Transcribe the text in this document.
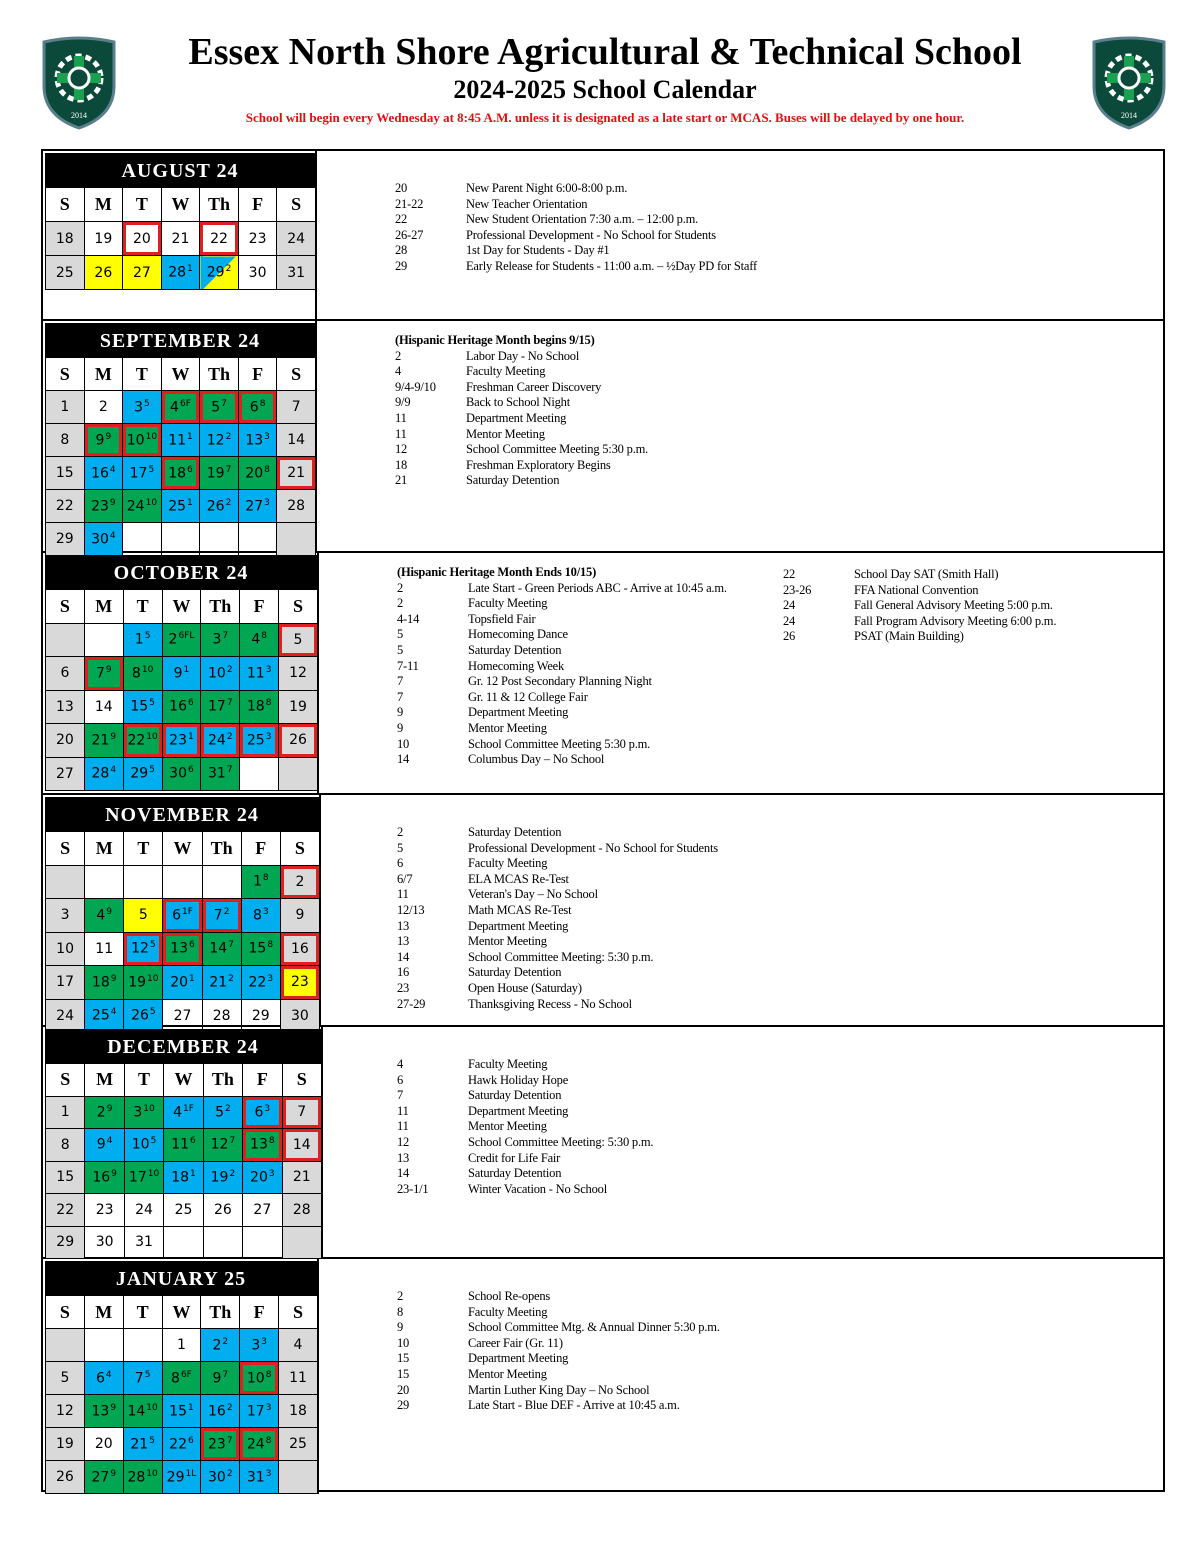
2014
Essex North Shore Agricultural & Technical School
2024-2025 School Calendar
School will begin every Wednesday at 8:45 A.M. unless it is designated as a late start or MCAS. Buses will be delayed by one hour.	2014
AUGUST 24
S	M	T	W	Th	F	S
18	19	20	21	22	23	24
25	26	27	$28^1$	$29^2$	30	31
20	New Parent Night 6:00-8:00 p.m.
21-22	New Teacher Orientation
22	New Student Orientation 7:30 a.m. – 12:00 p.m.
26-27	Professional Development - No School for Students
28	1st Day for Students - Day #1
29	Early Release for Students - 11:00 a.m. – ½Day PD for Staff
SEPTEMBER 24
S	M	T	W	Th	F	S
1	2	$3^5$	$4^{6F}$	$5^7$	$6^8$	7
8	$9^9$	$10^{10}$	$11^1$	$12^2$	$13^3$	14
15	$16^4$	$17^5$	$18^6$	$19^7$	$20^8$	21
22	$23^9$	$24^{10}$	$25^1$	$26^2$	$27^3$	28
29	$30^4$					
(Hispanic Heritage Month begins 9/15)
2	Labor Day - No School
4	Faculty Meeting
9/4-9/10	Freshman Career Discovery
9/9	Back to School Night
11	Department Meeting
11	Mentor Meeting
12	School Committee Meeting 5:30 p.m.
18	Freshman Exploratory Begins
21	Saturday Detention
OCTOBER 24
S	M	T	W	Th	F	S
		$1^5$	$2^{6FL}$	$3^7$	$4^8$	5
6	$7^9$	$8^{10}$	$9^1$	$10^2$	$11^3$	12
13	14	$15^5$	$16^6$	$17^7$	$18^8$	19
20	$21^9$	$22^{10}$	$23^1$	$24^2$	$25^3$	26
27	$28^4$	$29^5$	$30^6$	$31^7$		
(Hispanic Heritage Month Ends 10/15)
2	Late Start - Green Periods ABC - Arrive at 10:45 a.m.
2	Faculty Meeting
4-14	Topsfield Fair
5	Homecoming Dance
5	Saturday Detention
7-11	Homecoming Week
7	Gr. 12 Post Secondary Planning Night
7	Gr. 11 & 12 College Fair
9	Department Meeting
9	Mentor Meeting
10	School Committee Meeting 5:30 p.m.
14	Columbus Day – No School
22	School Day SAT (Smith Hall)
23-26	FFA National Convention
24	Fall General Advisory Meeting 5:00 p.m.
24	Fall Program Advisory Meeting 6:00 p.m.
26	PSAT (Main Building)
NOVEMBER 24
S	M	T	W	Th	F	S
					$1^8$	2
3	$4^9$	5	$6^{1F}$	$7^2$	$8^3$	9
10	11	$12^5$	$13^6$	$14^7$	$15^8$	16
17	$18^9$	$19^{10}$	$20^1$	$21^2$	$22^3$	23
24	$25^4$	$26^5$	27	28	29	30
2	Saturday Detention
5	Professional Development - No School for Students
6	Faculty Meeting
6/7	ELA MCAS Re-Test
11	Veteran's Day – No School
12/13	Math MCAS Re-Test
13	Department Meeting
13	Mentor Meeting
14	School Committee Meeting: 5:30 p.m.
16	Saturday Detention
23	Open House (Saturday)
27-29	Thanksgiving Recess - No School
DECEMBER 24
S	M	T	W	Th	F	S
1	$2^9$	$3^{10}$	$4^{1F}$	$5^2$	$6^3$	7
8	$9^4$	$10^5$	$11^6$	$12^7$	$13^8$	14
15	$16^9$	$17^{10}$	$18^1$	$19^2$	$20^3$	21
22	23	24	25	26	27	28
29	30	31				
4	Faculty Meeting
6	Hawk Holiday Hope
7	Saturday Detention
11	Department Meeting
11	Mentor Meeting
12	School Committee Meeting: 5:30 p.m.
13	Credit for Life Fair
14	Saturday Detention
23-1/1	Winter Vacation - No School
JANUARY 25
S	M	T	W	Th	F	S
			1	$2^2$	$3^3$	4
5	$6^4$	$7^5$	$8^{6F}$	$9^7$	$10^8$	11
12	$13^9$	$14^{10}$	$15^1$	$16^2$	$17^3$	18
19	20	$21^5$	$22^6$	$23^7$	$24^8$	25
26	$27^9$	$28^{10}$	$29^{1L}$	$30^2$	$31^3$	
2	School Re-opens
8	Faculty Meeting
9	School Committee Mtg. & Annual Dinner 5:30 p.m.
10	Career Fair (Gr. 11)
15	Department Meeting
15	Mentor Meeting
20	Martin Luther King Day – No School
29	Late Start - Blue DEF - Arrive at 10:45 a.m.
